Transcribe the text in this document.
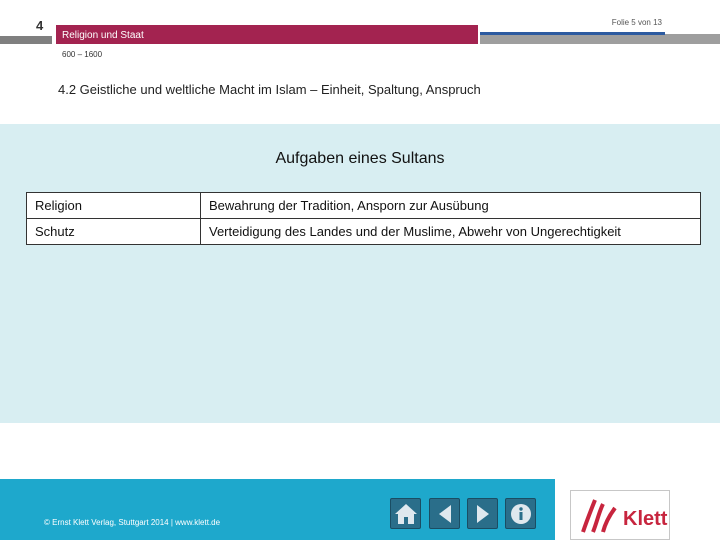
4
Religion und Staat
Folie 5 von 13
600 – 1600
4.2 Geistliche und weltliche Macht im Islam – Einheit, Spaltung, Anspruch
Aufgaben eines Sultans
Religion	Bewahrung der Tradition, Ansporn zur Ausübung
Schutz	Verteidigung des Landes und der Muslime, Abwehr von Ungerechtigkeit
© Ernst Klett Verlag, Stuttgart 2014 | www.klett.de	Klett
